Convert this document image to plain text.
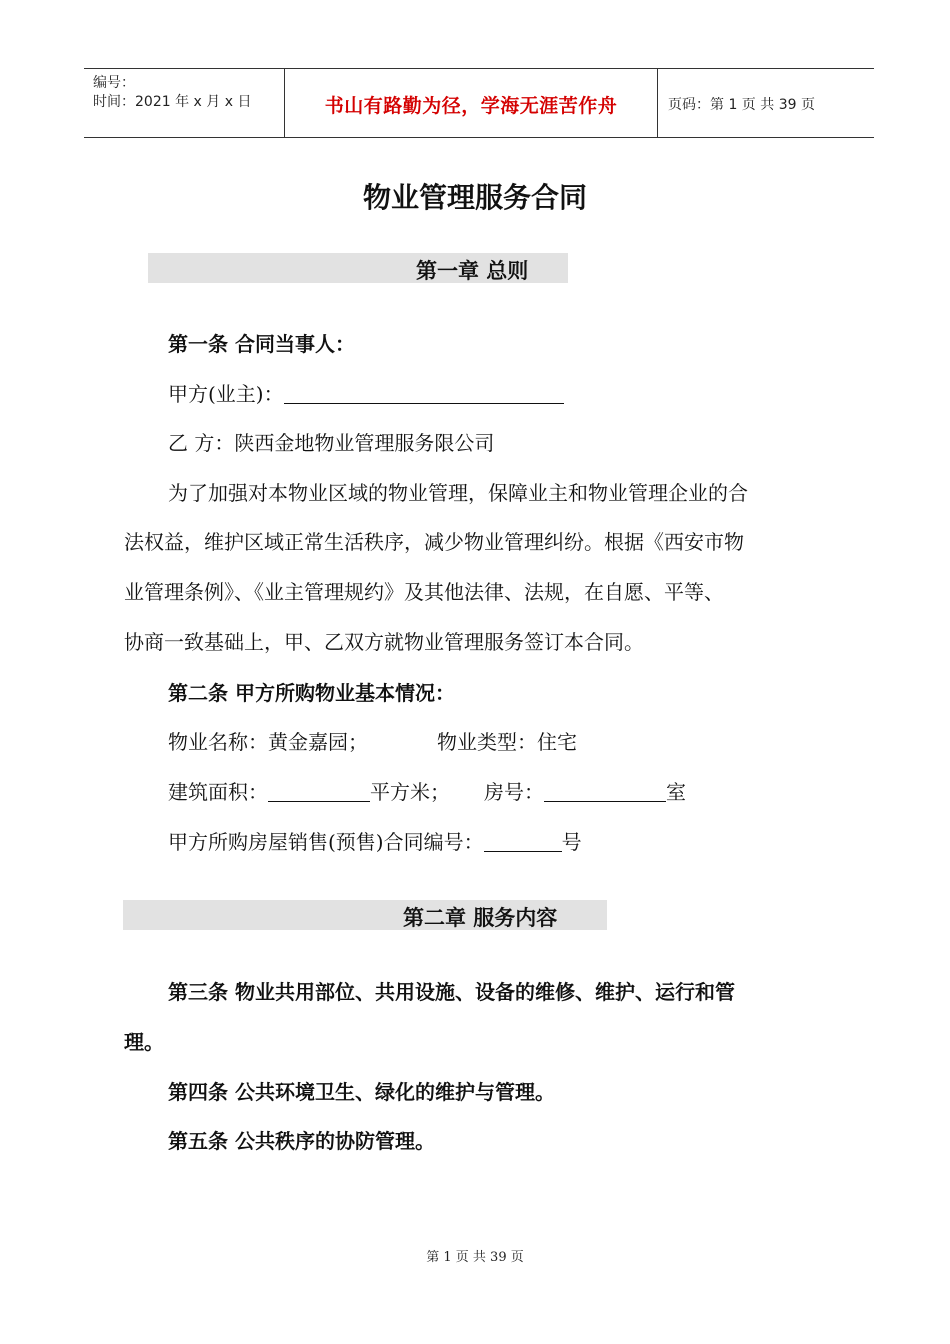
编号：
时间：2021 年 x 月 x 日	书山有路勤为径，学海无涯苦作舟	页码：第 1 页 共 39 页
物业管理服务合同
第一章 总则
第一条 合同当事人：
甲方(业主)：
乙 方：陕西金地物业管理服务限公司
为了加强对本物业区域的物业管理，保障业主和物业管理企业的合
法权益，维护区域正常生活秩序，减少物业管理纠纷。根据《西安市物
业管理条例》、《业主管理规约》及其他法律、法规，在自愿、平等、
协商一致基础上，甲、乙双方就物业管理服务签订本合同。
第二条 甲方所购物业基本情况：
物业名称：黄金嘉园；	物业类型：住宅
建筑面积：	平方米； 房号：	室
甲方所购房屋销售(预售)合同编号：	号
第二章 服务内容
第三条 物业共用部位、共用设施、设备的维修、维护、运行和管
理。
第四条 公共环境卫生、绿化的维护与管理。
第五条 公共秩序的协防管理。
第 1 页 共 39 页
